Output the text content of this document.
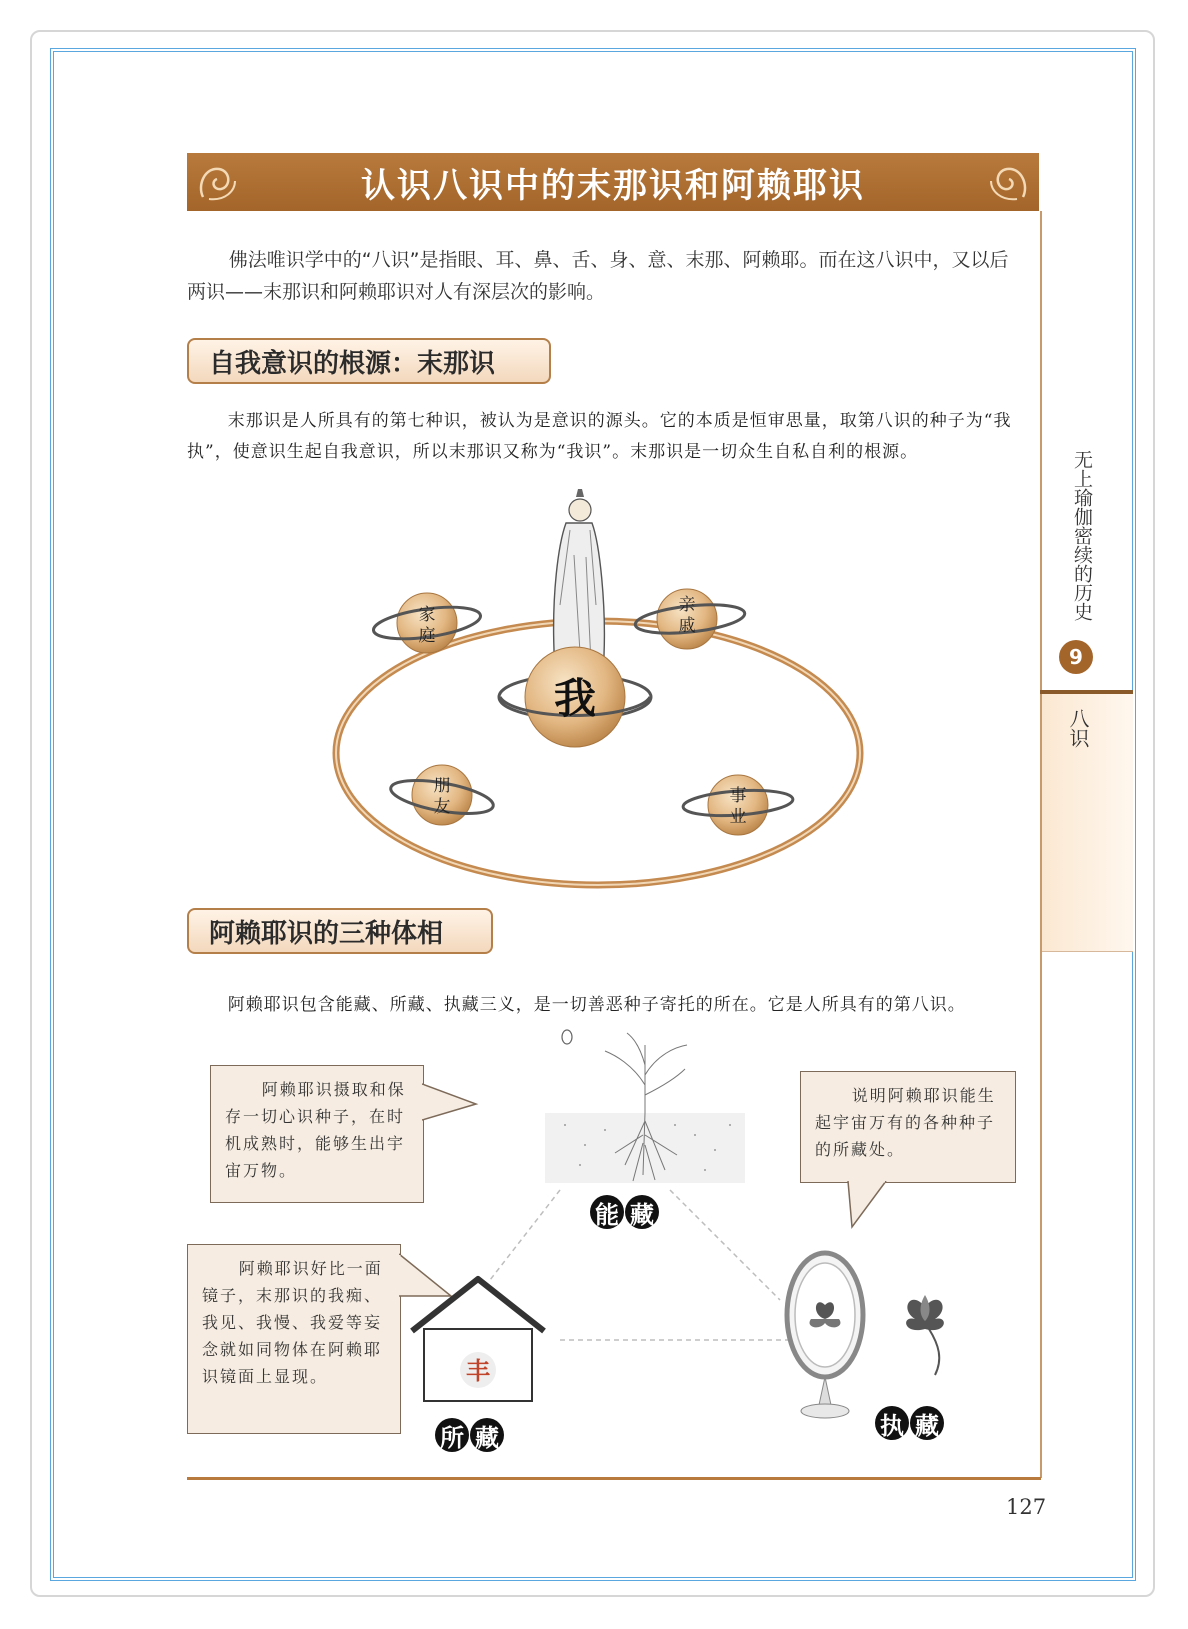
认识八识中的末那识和阿赖耶识
无上瑜伽密续的历史
9
八识
佛法唯识学中的“八识”是指眼、耳、鼻、舌、身、意、末那、阿赖耶。而在这八识中，又以后两识——末那识和阿赖耶识对人有深层次的影响。
自我意识的根源：末那识
末那识是人所具有的第七种识，被认为是意识的源头。它的本质是恒审思量，取第八识的种子为“我执”，使意识生起自我意识，所以末那识又称为“我识”。末那识是一切众生自私自利的根源。
我
家
庭
亲
戚
朋
友
事
业
阿赖耶识的三种体相
阿赖耶识包含能藏、所藏、执藏三义，是一切善恶种子寄托的所在。它是人所具有的第八识。
阿赖耶识摄取和保存一切心识种子，在时机成熟时，能够生出宇宙万物。
说明阿赖耶识能生起宇宙万有的各种种子的所藏处。
阿赖耶识好比一面镜子，末那识的我痴、我见、我慢、我爱等妄念就如同物体在阿赖耶识镜面上显现。	丰
能 藏
所 藏	执 藏
127
